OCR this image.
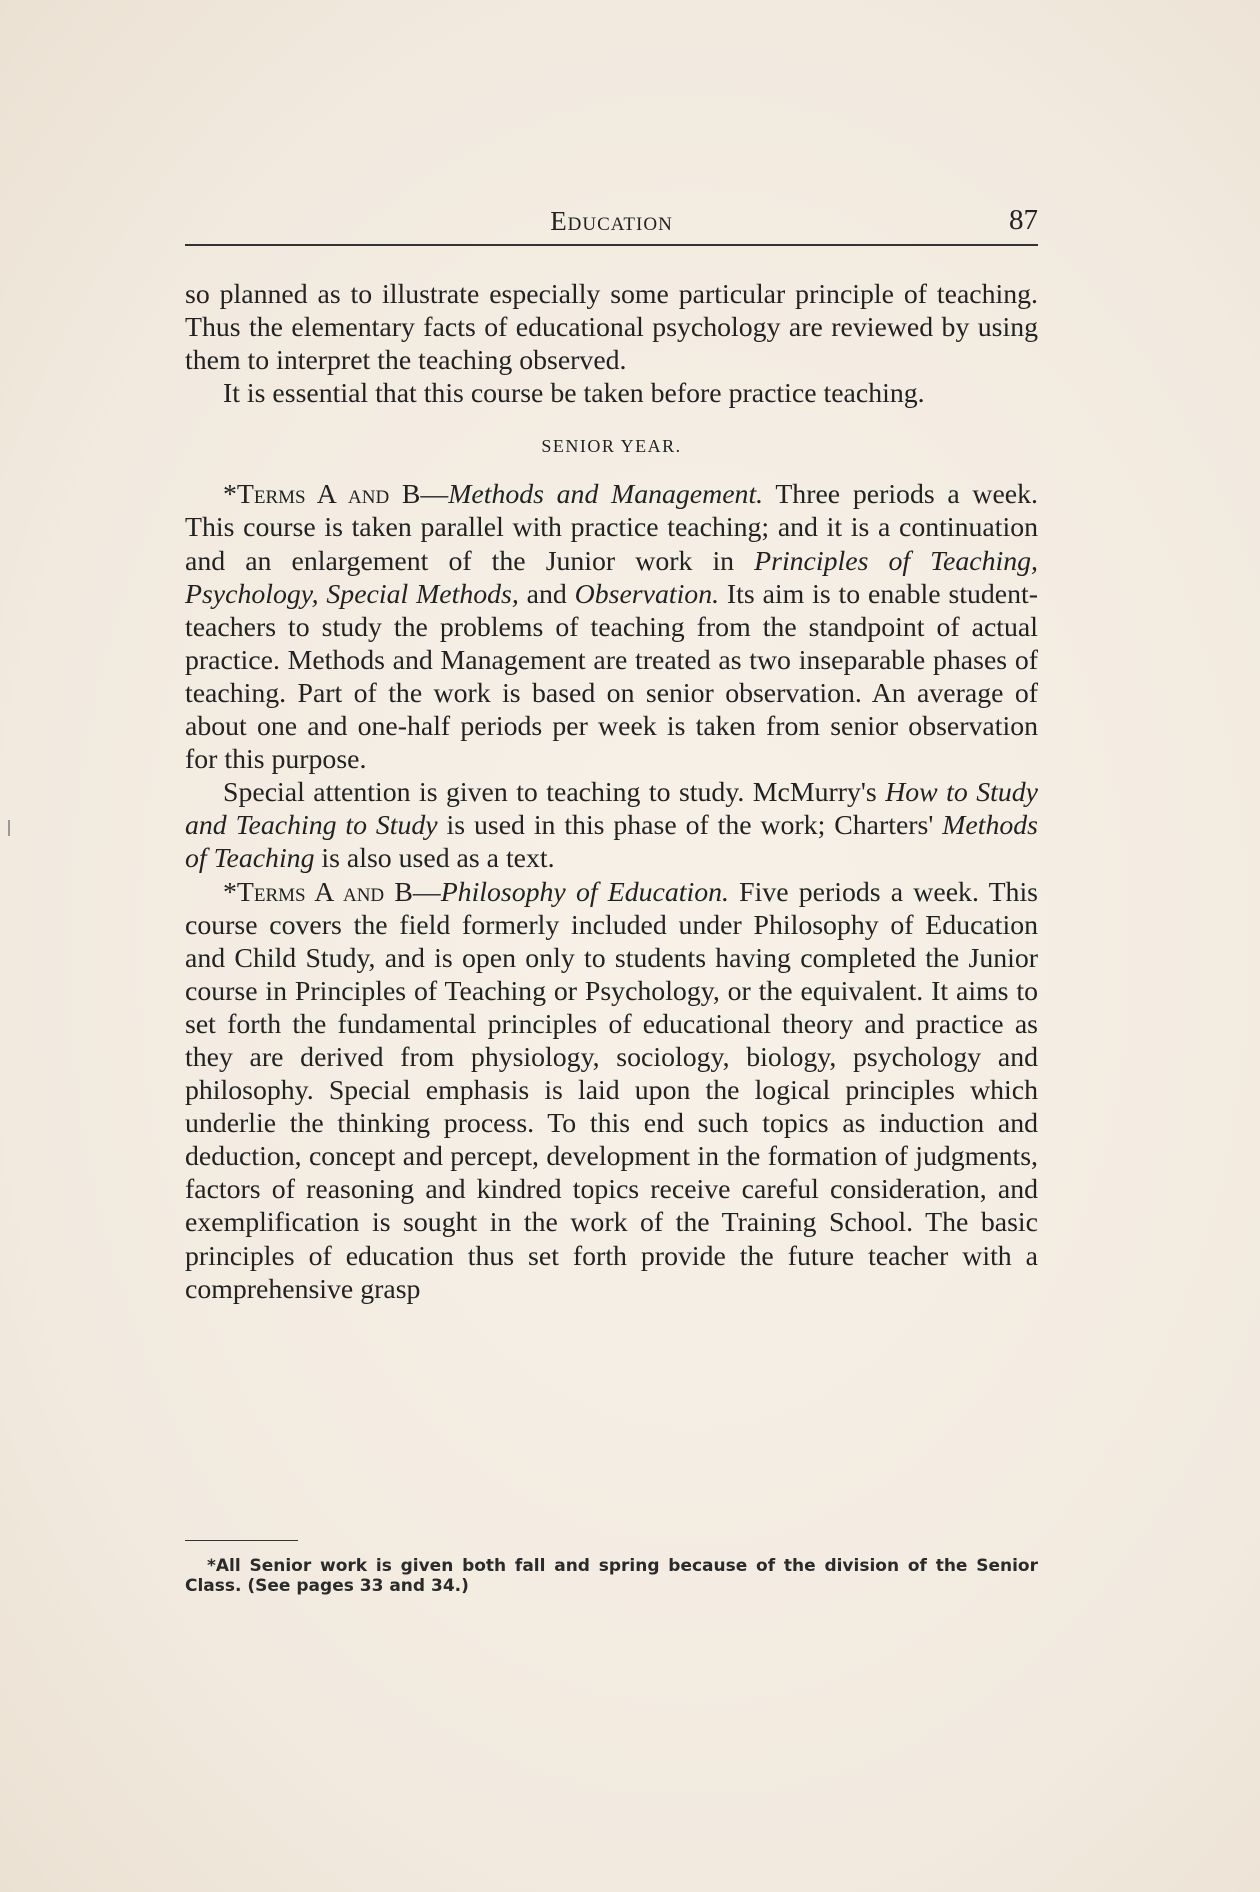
Education	87

so planned as to illustrate especially some particular principle of teaching. Thus the elementary facts of educational psychology are reviewed by using them to interpret the teaching observed.

It is essential that this course be taken before practice teaching.

SENIOR YEAR.

*Terms A and B—Methods and Management. Three periods a week. This course is taken parallel with practice teaching; and it is a continuation and an enlargement of the Junior work in Principles of Teaching, Psychology, Special Methods, and Observation. Its aim is to enable student-teachers to study the problems of teaching from the standpoint of actual practice. Methods and Management are treated as two inseparable phases of teaching. Part of the work is based on senior observation. An average of about one and one-half periods per week is taken from senior observation for this purpose.

Special attention is given to teaching to study. McMurry's How to Study and Teaching to Study is used in this phase of the work; Charters' Methods of Teaching is also used as a text.

*Terms A and B—Philosophy of Education. Five periods a week. This course covers the field formerly included under Philosophy of Education and Child Study, and is open only to students having completed the Junior course in Principles of Teaching or Psychology, or the equivalent. It aims to set forth the fundamental principles of educational theory and practice as they are derived from physiology, sociology, biology, psychology and philosophy. Special emphasis is laid upon the logical principles which underlie the thinking process. To this end such topics as induction and deduction, concept and percept, development in the formation of judgments, factors of reasoning and kindred topics receive careful consideration, and exemplification is sought in the work of the Training School. The basic principles of education thus set forth provide the future teacher with a comprehensive grasp

*All Senior work is given both fall and spring because of the division of the Senior Class. (See pages 33 and 34.)
